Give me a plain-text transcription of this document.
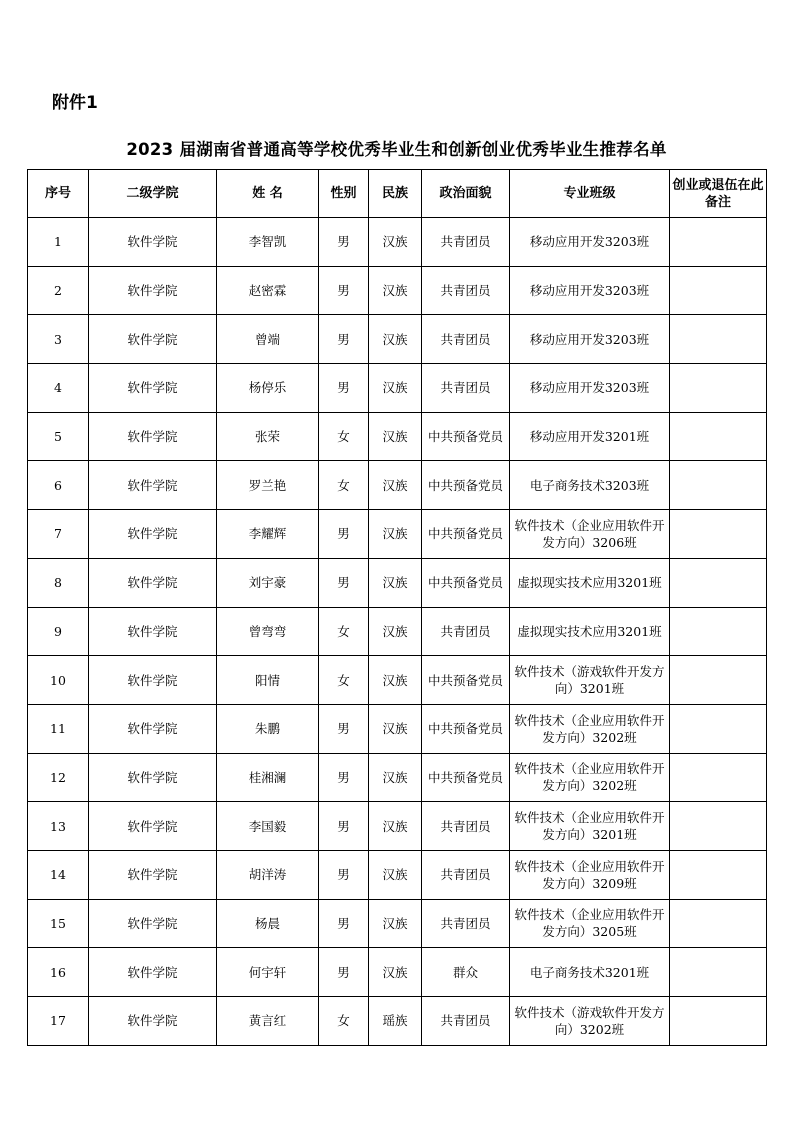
附件1
2023 届湖南省普通高等学校优秀毕业生和创新创业优秀毕业生推荐名单
序号	二级学院	姓 名	性别	民族	政治面貌	专业班级	创业或退伍在此备注
1	软件学院	李智凯	男	汉族	共青团员	移动应用开发3203班	
2	软件学院	赵密霖	男	汉族	共青团员	移动应用开发3203班	
3	软件学院	曾端	男	汉族	共青团员	移动应用开发3203班	
4	软件学院	杨停乐	男	汉族	共青团员	移动应用开发3203班	
5	软件学院	张荣	女	汉族	中共预备党员	移动应用开发3201班	
6	软件学院	罗兰艳	女	汉族	中共预备党员	电子商务技术3203班	
7	软件学院	李耀辉	男	汉族	中共预备党员	软件技术（企业应用软件开发方向）3206班	
8	软件学院	刘宇豪	男	汉族	中共预备党员	虚拟现实技术应用3201班	
9	软件学院	曾弯弯	女	汉族	共青团员	虚拟现实技术应用3201班	
10	软件学院	阳情	女	汉族	中共预备党员	软件技术（游戏软件开发方向）3201班	
11	软件学院	朱鹏	男	汉族	中共预备党员	软件技术（企业应用软件开发方向）3202班	
12	软件学院	桂湘澜	男	汉族	中共预备党员	软件技术（企业应用软件开发方向）3202班	
13	软件学院	李国毅	男	汉族	共青团员	软件技术（企业应用软件开发方向）3201班	
14	软件学院	胡洋涛	男	汉族	共青团员	软件技术（企业应用软件开发方向）3209班	
15	软件学院	杨晨	男	汉族	共青团员	软件技术（企业应用软件开发方向）3205班	
16	软件学院	何宇轩	男	汉族	群众	电子商务技术3201班	
17	软件学院	黄言红	女	瑶族	共青团员	软件技术（游戏软件开发方向）3202班	
